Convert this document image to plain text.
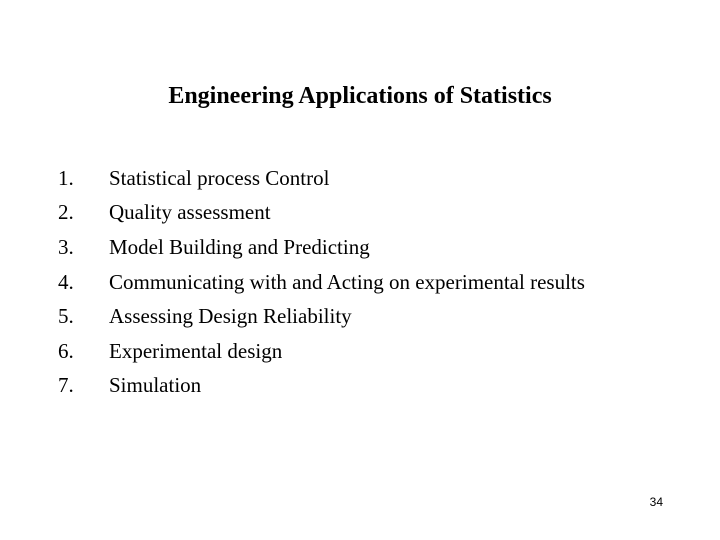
Engineering Applications of Statistics
1.	Statistical process Control
2.	Quality assessment
3.	Model Building and Predicting
4.	Communicating with and Acting on experimental results
5.	Assessing Design Reliability
6.	Experimental design
7.	Simulation
34
